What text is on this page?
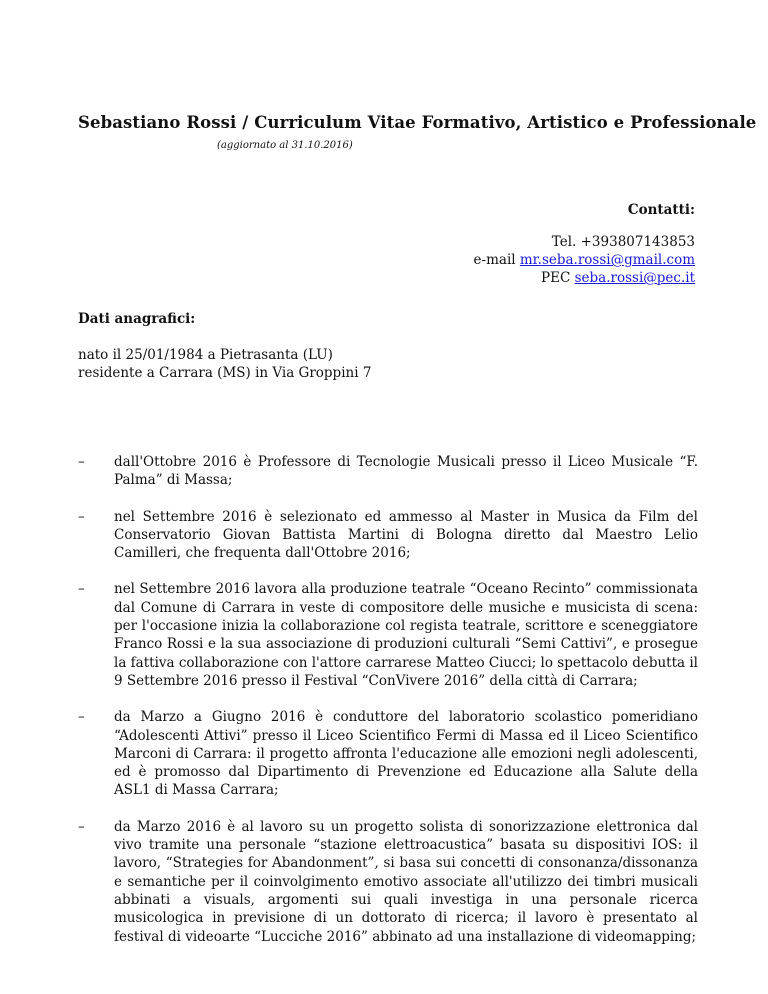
Sebastiano Rossi / Curriculum Vitae Formativo, Artistico e Professionale
(aggiornato al 31.10.2016)
Contatti:
Tel. +393807143853
e-mail mr.seba.rossi@gmail.com
PEC seba.rossi@pec.it
Dati anagrafici:
nato il 25/01/1984 a Pietrasanta (LU)
residente a Carrara (MS) in Via Groppini 7
–	dall'Ottobre 2016 è Professore di Tecnologie Musicali presso il Liceo Musicale “F. Palma” di Massa;
–	nel Settembre 2016 è selezionato ed ammesso al Master in Musica da Film del Conservatorio Giovan Battista Martini di Bologna diretto dal Maestro Lelio Camilleri, che frequenta dall'Ottobre 2016;
–	nel Settembre 2016 lavora alla produzione teatrale “Oceano Recinto” commissionata dal Comune di Carrara in veste di compositore delle musiche e musicista di scena: per l'occasione inizia la collaborazione col regista teatrale, scrittore e sceneggiatore Franco Rossi e la sua associazione di produzioni culturali “Semi Cattivi”, e prosegue la fattiva collaborazione con l'attore carrarese Matteo Ciucci; lo spettacolo debutta il 9 Settembre 2016 presso il Festival “ConVivere 2016” della città di Carrara;
–	da Marzo a Giugno 2016 è conduttore del laboratorio scolastico pomeridiano “Adolescenti Attivi” presso il Liceo Scientifico Fermi di Massa ed il Liceo Scientifico Marconi di Carrara: il progetto affronta l'educazione alle emozioni negli adolescenti, ed è promosso dal Dipartimento di Prevenzione ed Educazione alla Salute della ASL1 di Massa Carrara;
–	da Marzo 2016 è al lavoro su un progetto solista di sonorizzazione elettronica dal vivo tramite una personale “stazione elettroacustica” basata su dispositivi IOS: il lavoro, “Strategies for Abandonment”, si basa sui concetti di consonanza/dissonanza e semantiche per il coinvolgimento emotivo associate all'utilizzo dei timbri musicali abbinati a visuals, argomenti sui quali investiga in una personale ricerca musicologica in previsione di un dottorato di ricerca; il lavoro è presentato al festival di videoarte “Lucciche 2016” abbinato ad una installazione di videomapping;
